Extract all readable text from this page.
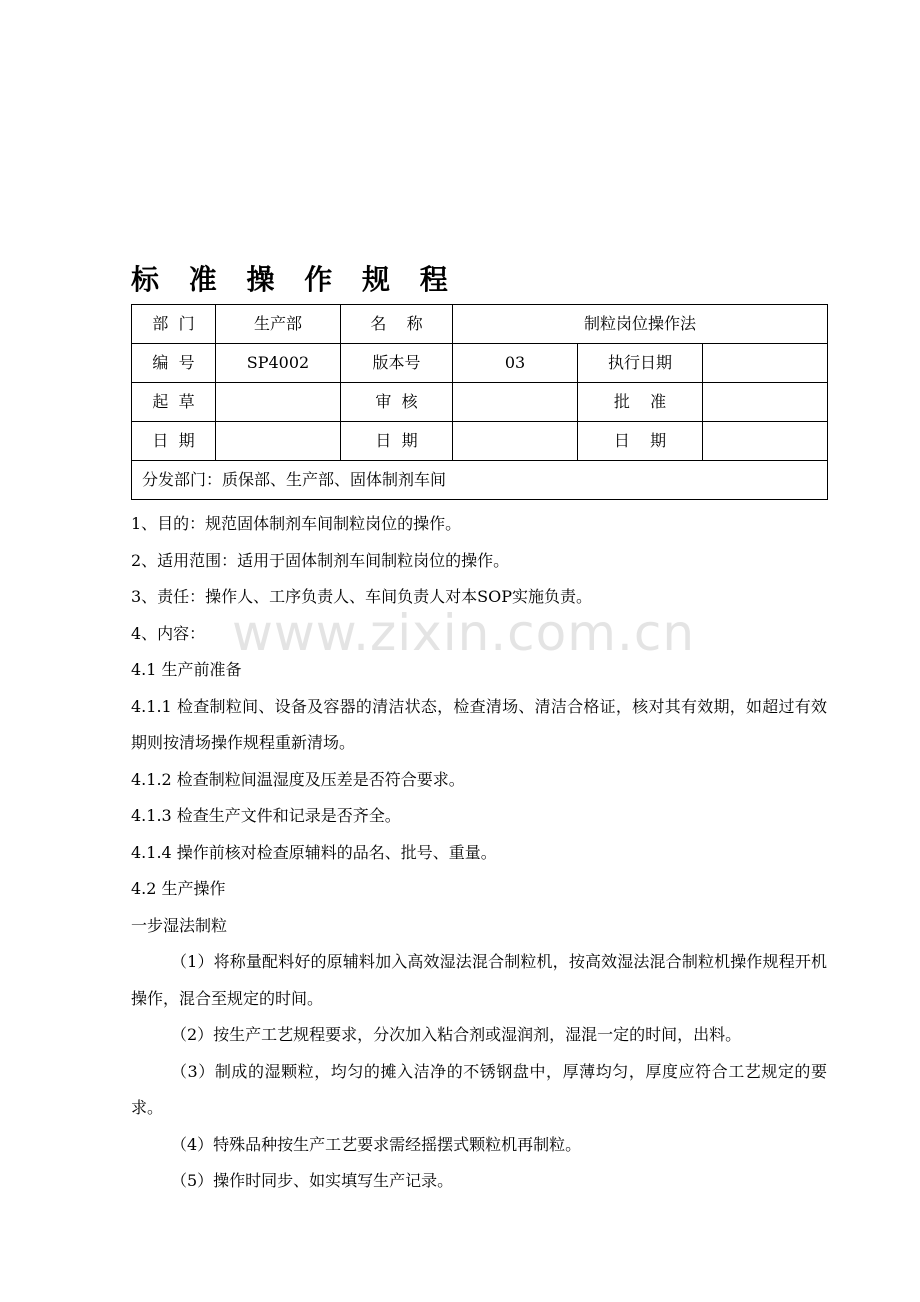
www.zixin.com.cn
标 准 操 作 规 程
部  门	生产部	名    称	制粒岗位操作法		
编  号	SP4002	版本号	03	执行日期	
起  草		审  核		批    准	
日  期		日  期		日    期	
分发部门：质保部、生产部、固体制剂车间					

1、目的：规范固体制剂车间制粒岗位的操作。

2、适用范围：适用于固体制剂车间制粒岗位的操作。

3、责任：操作人、工序负责人、车间负责人对本SOP实施负责。

4、内容：

4.1 生产前准备

4.1.1 检查制粒间、设备及容器的清洁状态，检查清场、清洁合格证，核对其有效期，如超过有效期则按清场操作规程重新清场。

4.1.2 检查制粒间温湿度及压差是否符合要求。

4.1.3 检查生产文件和记录是否齐全。

4.1.4 操作前核对检查原辅料的品名、批号、重量。

4.2 生产操作

一步湿法制粒

（1）将称量配料好的原辅料加入高效湿法混合制粒机，按高效湿法混合制粒机操作规程开机操作，混合至规定的时间。

（2）按生产工艺规程要求，分次加入粘合剂或湿润剂，湿混一定的时间，出料。

（3）制成的湿颗粒，均匀的摊入洁净的不锈钢盘中，厚薄均匀，厚度应符合工艺规定的要求。

（4）特殊品种按生产工艺要求需经摇摆式颗粒机再制粒。

（5）操作时同步、如实填写生产记录。
